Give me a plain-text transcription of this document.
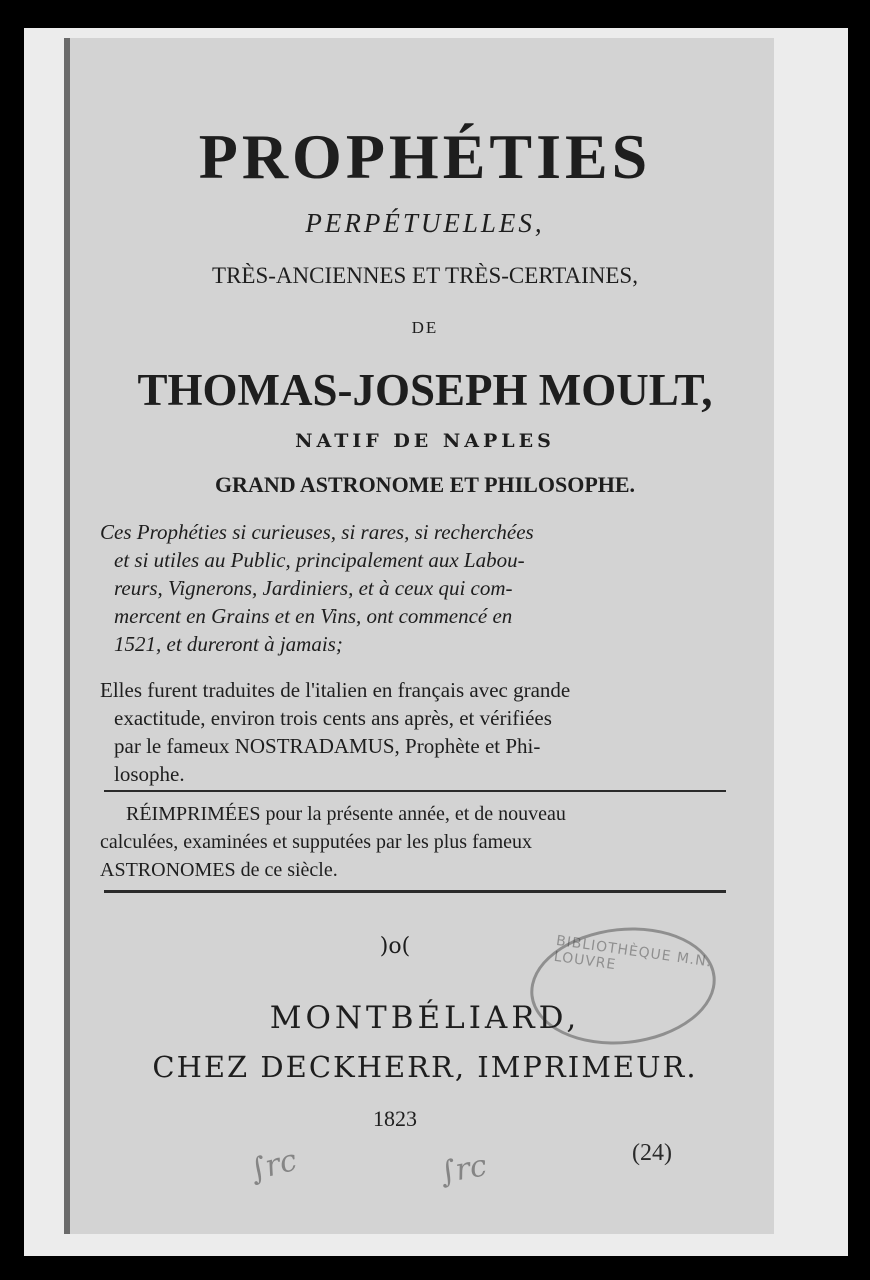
PROPHÉTIES
PERPÉTUELLES,
TRÈS-ANCIENNES ET TRÈS-CERTAINES,
DE
THOMAS-JOSEPH MOULT,
NATIF DE NAPLES
GRAND ASTRONOME ET PHILOSOPHE.

Ces Prophéties si curieuses, si rares, si recherchées

et si utiles au Public, principalement aux Labou-

reurs, Vignerons, Jardiniers, et à ceux qui com-

mercent en Grains et en Vins, ont commencé en

1521, et dureront à jamais;

Elles furent traduites de l'italien en français avec grande

exactitude, environ trois cents ans après, et vérifiées

par le fameux NOSTRADAMUS, Prophète et Phi-

losophe.

RÉIMPRIMÉES pour la présente année, et de nouveau

calculées, examinées et supputées par les plus fameux

ASTRONOMES de ce siècle.

)o(	BIBLIOTHÈQUE M.N. LOUVRE
MONTBÉLIARD,
CHEZ DECKHERR, IMPRIMEUR.
1823
(24)
∫rc	∫rc
